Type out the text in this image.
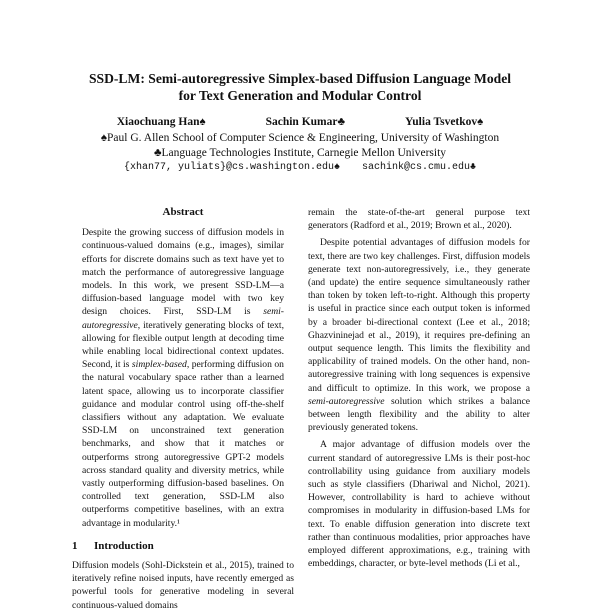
SSD-LM: Semi-autoregressive Simplex-based Diffusion Language Model
for Text Generation and Modular Control
Xiaochuang Han♠	Sachin Kumar♣	Yulia Tsvetkov♠
♠Paul G. Allen School of Computer Science & Engineering, University of Washington
♣Language Technologies Institute, Carnegie Mellon University
{xhan77, yuliats}@cs.washington.edu♠ sachink@cs.cmu.edu♣
Abstract

Despite the growing success of diffusion models in continuous-valued domains (e.g., images), similar efforts for discrete domains such as text have yet to match the performance of autoregressive language models. In this work, we present SSD-LM—a diffusion-based language model with two key design choices. First, SSD-LM is semi-autoregressive, iteratively generating blocks of text, allowing for flexible output length at decoding time while enabling local bidirectional context updates. Second, it is simplex-based, performing diffusion on the natural vocabulary space rather than a learned latent space, allowing us to incorporate classifier guidance and modular control using off-the-shelf classifiers without any adaptation. We evaluate SSD-LM on unconstrained text generation benchmarks, and show that it matches or outperforms strong autoregressive GPT-2 models across standard quality and diversity metrics, while vastly outperforming diffusion-based baselines. On controlled text generation, SSD-LM also outperforms competitive baselines, with an extra advantage in modularity.¹

1 Introduction

Diffusion models (Sohl-Dickstein et al., 2015), trained to iteratively refine noised inputs, have recently emerged as powerful tools for generative modeling in several continuous-valued domains

remain the state-of-the-art general purpose text generators (Radford et al., 2019; Brown et al., 2020).

Despite potential advantages of diffusion models for text, there are two key challenges. First, diffusion models generate text non-autoregressively, i.e., they generate (and update) the entire sequence simultaneously rather than token by token left-to-right. Although this property is useful in practice since each output token is informed by a broader bi-directional context (Lee et al., 2018; Ghazvininejad et al., 2019), it requires pre-defining an output sequence length. This limits the flexibility and applicability of trained models. On the other hand, non-autoregressive training with long sequences is expensive and difficult to optimize. In this work, we propose a semi-autoregressive solution which strikes a balance between length flexibility and the ability to alter previously generated tokens.

A major advantage of diffusion models over the current standard of autoregressive LMs is their post-hoc controllability using guidance from auxiliary models such as style classifiers (Dhariwal and Nichol, 2021). However, controllability is hard to achieve without compromises in modularity in diffusion-based LMs for text. To enable diffusion generation into discrete text rather than continuous modalities, prior approaches have employed different approximations, e.g., training with embeddings, character, or byte-level methods (Li et al.,
